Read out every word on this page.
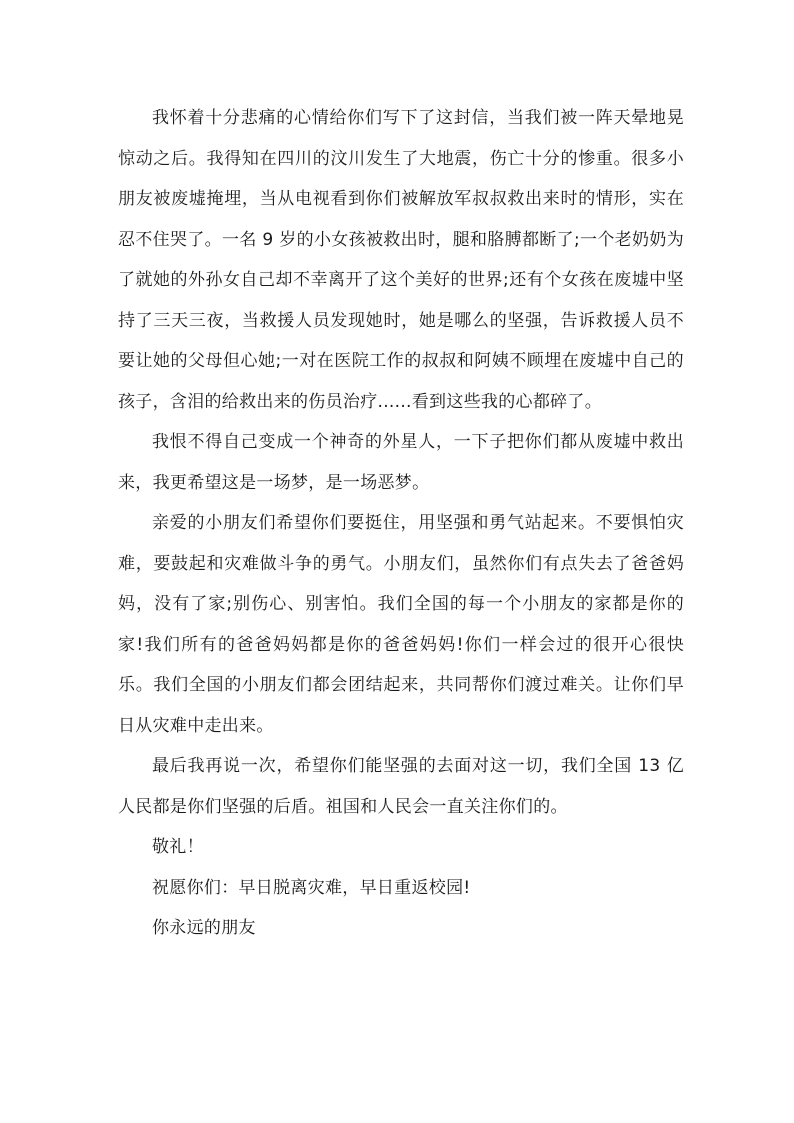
我怀着十分悲痛的心情给你们写下了这封信，当我们被一阵天晕地晃惊动之后。我得知在四川的汶川发生了大地震，伤亡十分的惨重。很多小朋友被废墟掩埋，当从电视看到你们被解放军叔叔救出来时的情形，实在忍不住哭了。一名 9 岁的小女孩被救出时，腿和胳膊都断了;一个老奶奶为了就她的外孙女自己却不幸离开了这个美好的世界;还有个女孩在废墟中坚持了三天三夜，当救援人员发现她时，她是哪么的坚强，告诉救援人员不要让她的父母但心她;一对在医院工作的叔叔和阿姨不顾埋在废墟中自己的孩子，含泪的给救出来的伤员治疗......看到这些我的心都碎了。

我恨不得自己变成一个神奇的外星人，一下子把你们都从废墟中救出来，我更希望这是一场梦，是一场恶梦。

亲爱的小朋友们希望你们要挺住，用坚强和勇气站起来。不要惧怕灾难，要鼓起和灾难做斗争的勇气。小朋友们，虽然你们有点失去了爸爸妈妈，没有了家;别伤心、别害怕。我们全国的每一个小朋友的家都是你的家!我们所有的爸爸妈妈都是你的爸爸妈妈!你们一样会过的很开心很快乐。我们全国的小朋友们都会团结起来，共同帮你们渡过难关。让你们早日从灾难中走出来。

最后我再说一次，希望你们能坚强的去面对这一切，我们全国 13 亿人民都是你们坚强的后盾。祖国和人民会一直关注你们的。

敬礼！

祝愿你们：早日脱离灾难，早日重返校园!

你永远的朋友
